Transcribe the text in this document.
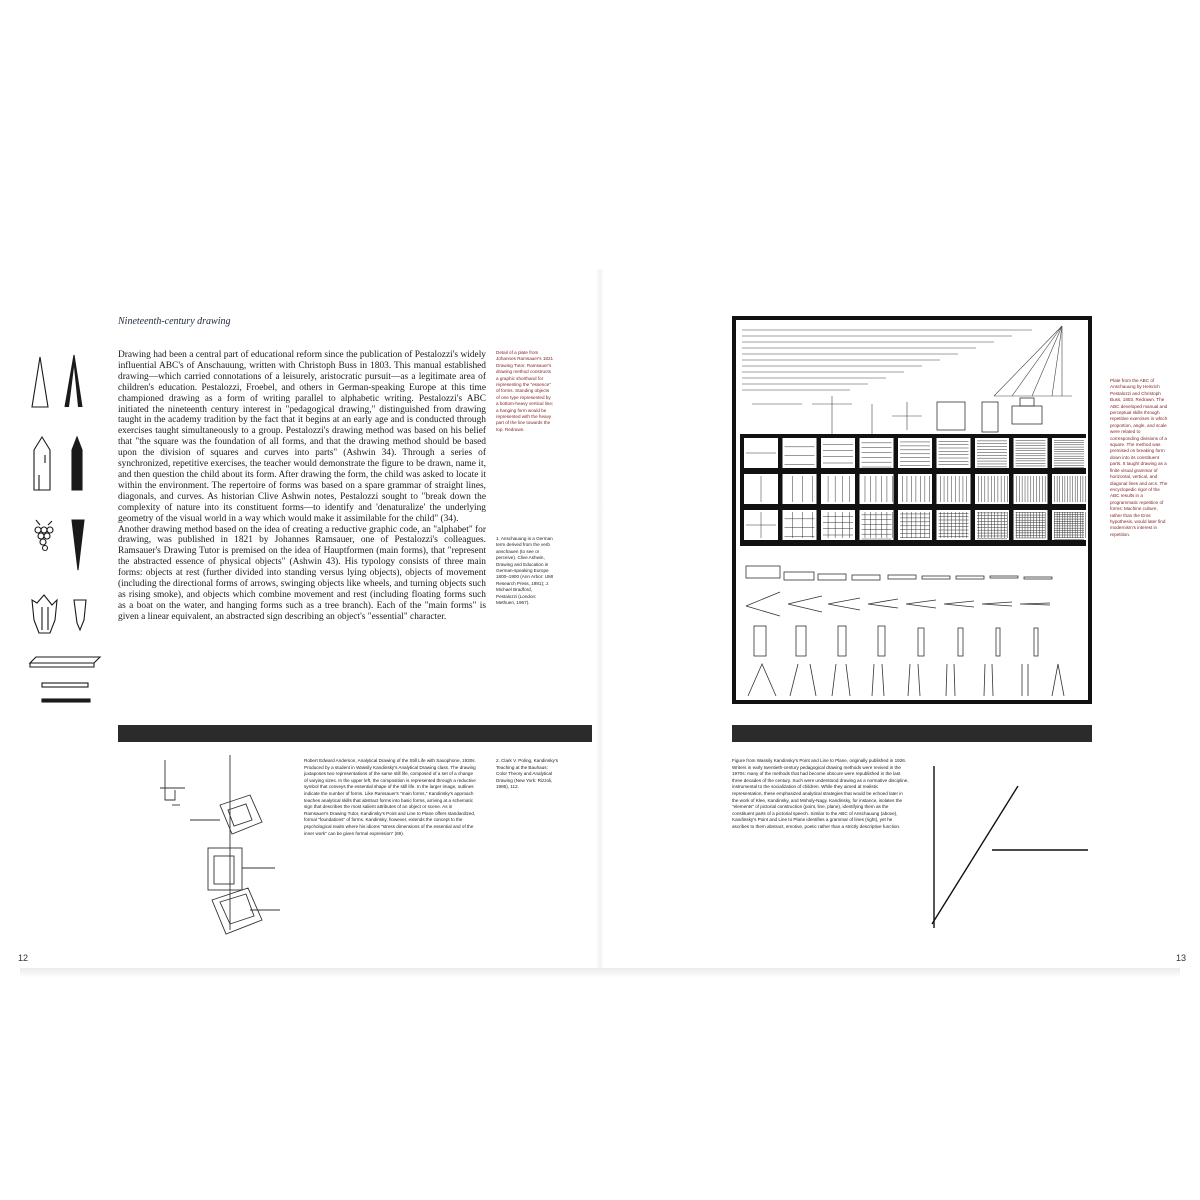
Nineteenth-century drawing

Drawing had been a central part of educational reform since the publication of Pestalozzi's widely influential ABC's of Anschauung, written with Christoph Buss in 1803. This manual established drawing—which carried connotations of a leisurely, aristocratic pursuit—as a legitimate area of children's education. Pestalozzi, Froebel, and others in German-speaking Europe at this time championed drawing as a form of writing parallel to alphabetic writing. Pestalozzi's ABC initiated the nineteenth century interest in "pedagogical drawing," distinguished from drawing taught in the academy tradition by the fact that it begins at an early age and is conducted through exercises taught simultaneously to a group. Pestalozzi's drawing method was based on his belief that "the square was the foundation of all forms, and that the drawing method should be based upon the division of squares and curves into parts" (Ashwin 34). Through a series of synchronized, repetitive exercises, the teacher would demonstrate the figure to be drawn, name it, and then question the child about its form. After drawing the form, the child was asked to locate it within the environment. The repertoire of forms was based on a spare grammar of straight lines, diagonals, and curves. As historian Clive Ashwin notes, Pestalozzi sought to "break down the complexity of nature into its constituent forms—to identify and 'denaturalize' the underlying geometry of the visual world in a way which would make it assimilable for the child" (34).

Another drawing method based on the idea of creating a reductive graphic code, an "alphabet" for drawing, was published in 1821 by Johannes Ramsauer, one of Pestalozzi's colleagues. Ramsauer's Drawing Tutor is premised on the idea of Hauptformen (main forms), that "represent the abstracted essence of physical objects" (Ashwin 43). His typology consists of three main forms: objects at rest (further divided into standing versus lying objects), objects of movement (including the directional forms of arrows, swinging objects like wheels, and turning objects such as rising smoke), and objects which combine movement and rest (including floating forms such as a boat on the water, and hanging forms such as a tree branch). Each of the "main forms" is given a linear equivalent, an abstracted sign describing an object's "essential" character.

Detail of a plate from Johannes Ramsauer's 1821 Drawing Tutor. Ramsauer's drawing method constructs a graphic shorthand for representing the "essence" of forms. Standing objects of one type represented by a bottom-heavy vertical line; a hanging form would be represented with the heavy part of the line towards the top. Redrawn.
1. Anschauung is a German term derived from the verb anschauen (to see or perceive). Clive Ashwin, Drawing and Education in German-speaking Europe 1800–1900 (Ann Arbor: UMI Research Press, 1981); J. Michael Bradford, Pestalozzi (London: Methuen, 1967).
Robert Edward Anderson, Analytical Drawing of the Still Life with Saxophone, 1930s. Produced by a student in Wassily Kandinsky's Analytical Drawing class. The drawing juxtaposes two representations of the same still life, composed of a set of a change of varying sizes. In the upper left, the composition is represented through a reductive symbol that conveys the essential shape of the still life. In the larger image, outlines indicate the number of forms. Like Ramsauer's "main forms," Kandinsky's approach teaches analytical skills that abstract forms into basic forms, arriving at a schematic sign that describes the most salient attributes of an object or scene. As in Ramsauer's Drawing Tutor, Kandinsky's Point and Line to Plane offers standardized, formal "foundations" of forms. Kandinsky, however, extends the concept to the psychological realm where his idioms "stress dimensions of the essential and of the inner work" can be given formal expression" (69).
2. Clark V. Poling, Kandinsky's Teaching at the Bauhaus: Color Theory and Analytical Drawing (New York: Rizzoli, 1986), 112.
12
Plate from the ABC of Anschauung by Heinrich Pestalozzi and Christoph Buss, 1803. Redrawn. The ABC developed manual and perceptual skills through repetitive exercises in which proportion, angle, and scale were related to corresponding divisions of a square. The method was premised on breaking form down into its constituent parts. It taught drawing as a finite visual grammar of horizontal, vertical, and diagonal lines and arcs. The encyclopedic rigor of the ABC results in a programmatic repetition of forms: Machine culture, rather than the Eros hypothesis, would later find modernism's interest in repetition.
Figure from Wassily Kandinsky's Point and Line to Plane, originally published in 1926. Writers in early twentieth-century pedagogical drawing methods were revived in the 1970s: many of the methods that had become obscure were republished in the last three decades of the century. Such were understood drawing as a normative discipline, instrumental to the socialization of children. While they aimed at realistic representation, these emphasized analytical strategies that would be echoed later in the work of Klee, Kandinsky, and Moholy-Nagy. Kandinsky, for instance, isolates the "elements" of pictorial construction (point, line, plane), identifying them as the constituent parts of a pictorial speech. Similar to the ABC of Anschauung (above), Kandinsky's Point and Line to Plane identifies a grammar of lines (right), yet he ascribes to them abstract, emotive, poetic rather than a strictly descriptive function.
13
